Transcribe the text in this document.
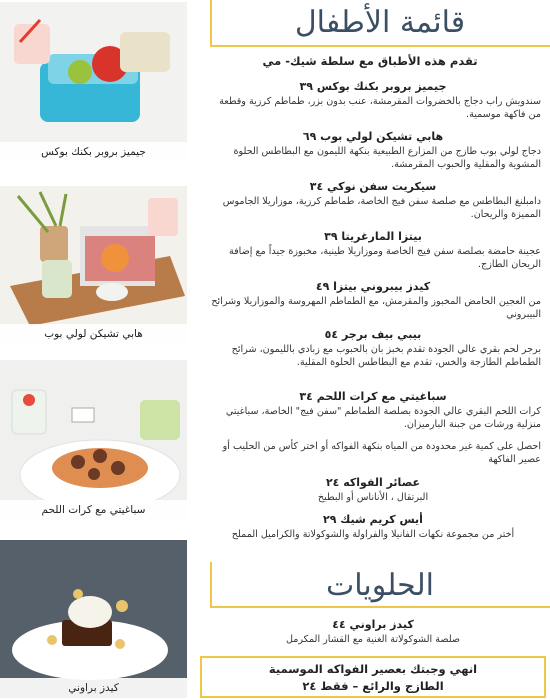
جيميز بروبر بكنك بوكس
هابي تشيكن لولي بوب
سباغيتي مع كرات اللحم
كيدز براوني
قائمة الأطفال
تقدم هذه الأطباق مع سلطة شيك- مي
جيميز بروبر بكنك بوكس ٣٩
سندويش راب دجاج بالخضروات المقرمشة، عنب بدون بزر، طماطم كرزية وقطعة من فاكهة موسمية.
هابي تشيكن لولي بوب ٦٩
دجاج لولي بوب طازج من المزارع الطبيعية بنكهة الليمون مع البطاطس الحلوة المشوية والمقلية والحبوب المقرمشة.
سيكريت سفن نوكي ٣٤
دامبلنغ البطاطس مع صلصة سفن فيج الخاصة، طماطم كرزية، موزاريلا الجاموس المميزة والريحان.
بيتزا المارغريتا ٣٩
عجينة حامضة بصلصة سفن فيج الخاصة وموزاريلا طينية، مخبوزة جيداً مع إضافة الريحان الطازج.
كيدز بيبروني بيتزا ٤٩
من العجين الحامض المخبوز والمقرمش، مع الطماطم المهروسة والموزاريلا وشرائح البيبروني
بيبي بيف برجر ٥٤
برجر لحم بقري عالي الجودة تقدم بخبز بان بالحبوب مع زبادي بالليمون، شرائح الطماطم الطازجة والخس، تقدم مع البطاطس الحلوة المقلية.
سباغيتي مع كرات اللحم ٣٤
كرات اللحم البقري عالي الجودة بصلصة الطماطم "سفن فيج" الخاصة، سباغيتي منزلية ورشات من جبنة البارميزان.
احصل على كمية غير محدودة من المياه بنكهة الفواكه أو اختر كأس من الحليب أو عصير الفاكهة
عصائر الفواكه ٢٤
البرتقال ، الأناناس أو البطيخ
أيس كريم شيك ٢٩
أختر من مجموعة نكهات الفانيلا والفراولة والشوكولاتة والكراميل المملح
الحلويات
كيدز براوني ٤٤
صلصة الشوكولاتة الغنية مع القشار المكرمل
انهي وجبتك بعصير الفواكه الموسمية
الطازج والرائع – فقط ٢٤
